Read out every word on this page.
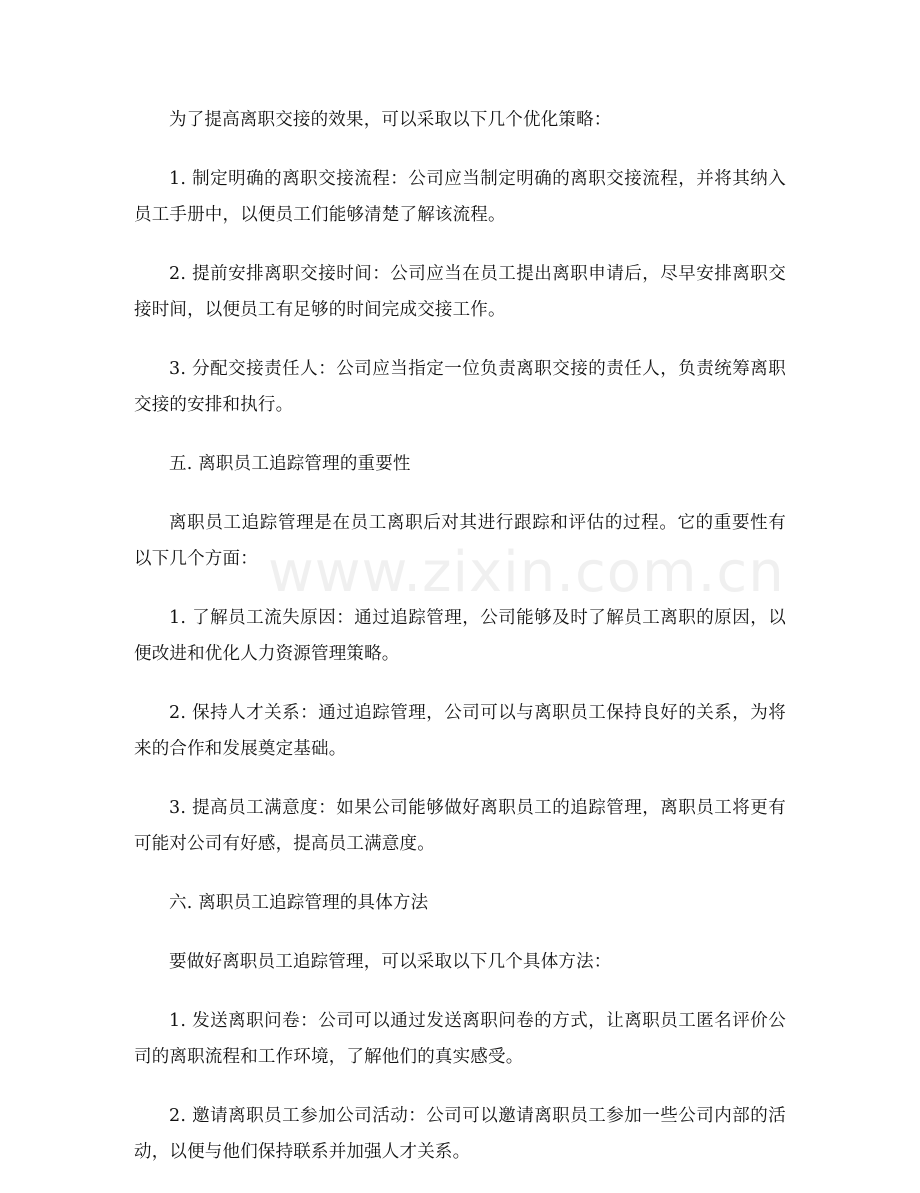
为了提高离职交接的效果，可以采取以下几个优化策略：

1. 制定明确的离职交接流程：公司应当制定明确的离职交接流程，并将其纳入员工手册中，以便员工们能够清楚了解该流程。

2. 提前安排离职交接时间：公司应当在员工提出离职申请后，尽早安排离职交接时间，以便员工有足够的时间完成交接工作。

3. 分配交接责任人：公司应当指定一位负责离职交接的责任人，负责统筹离职交接的安排和执行。

五. 离职员工追踪管理的重要性

离职员工追踪管理是在员工离职后对其进行跟踪和评估的过程。它的重要性有以下几个方面：

1. 了解员工流失原因：通过追踪管理，公司能够及时了解员工离职的原因，以便改进和优化人力资源管理策略。

2. 保持人才关系：通过追踪管理，公司可以与离职员工保持良好的关系，为将来的合作和发展奠定基础。

3. 提高员工满意度：如果公司能够做好离职员工的追踪管理，离职员工将更有可能对公司有好感，提高员工满意度。

六. 离职员工追踪管理的具体方法

要做好离职员工追踪管理，可以采取以下几个具体方法：

1. 发送离职问卷：公司可以通过发送离职问卷的方式，让离职员工匿名评价公司的离职流程和工作环境，了解他们的真实感受。

2. 邀请离职员工参加公司活动：公司可以邀请离职员工参加一些公司内部的活动，以便与他们保持联系并加强人才关系。

www.zixin.com.cn
